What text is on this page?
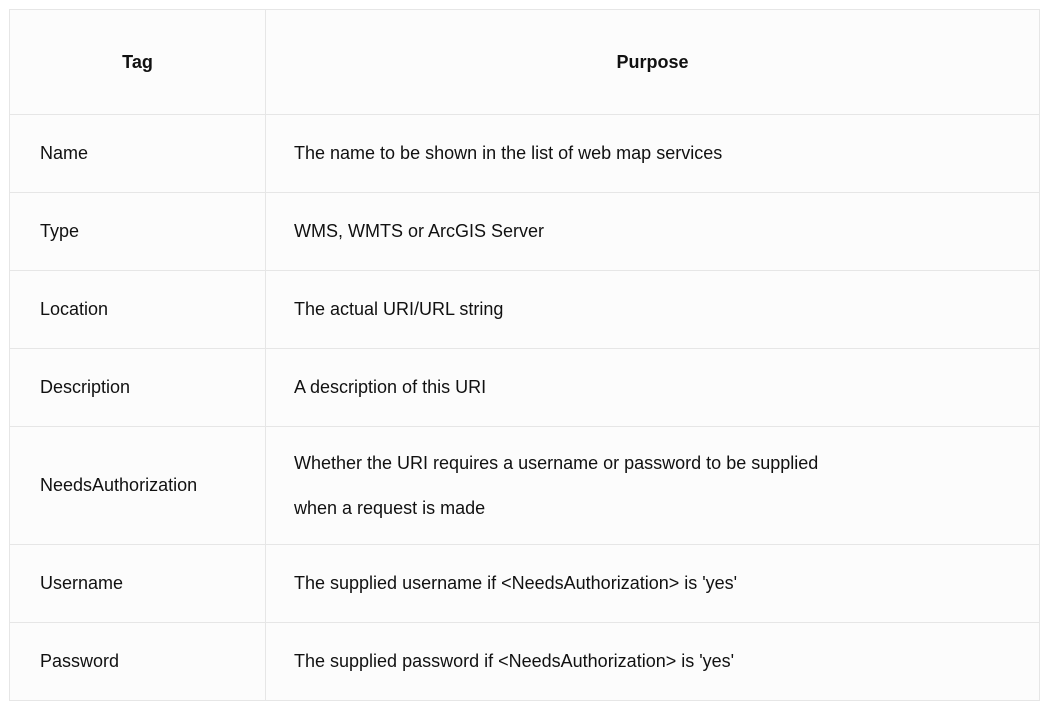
Tag	Purpose
Name	The name to be shown in the list of web map services

Type	WMS, WMTS or ArcGIS Server

Location	The actual URI/URL string

Description	A description of this URI

NeedsAuthorization	Whether the URI requires a username or password to be supplied
when a request is made

Username	The supplied username if <NeedsAuthorization> is 'yes'

Password	The supplied password if <NeedsAuthorization> is 'yes'
